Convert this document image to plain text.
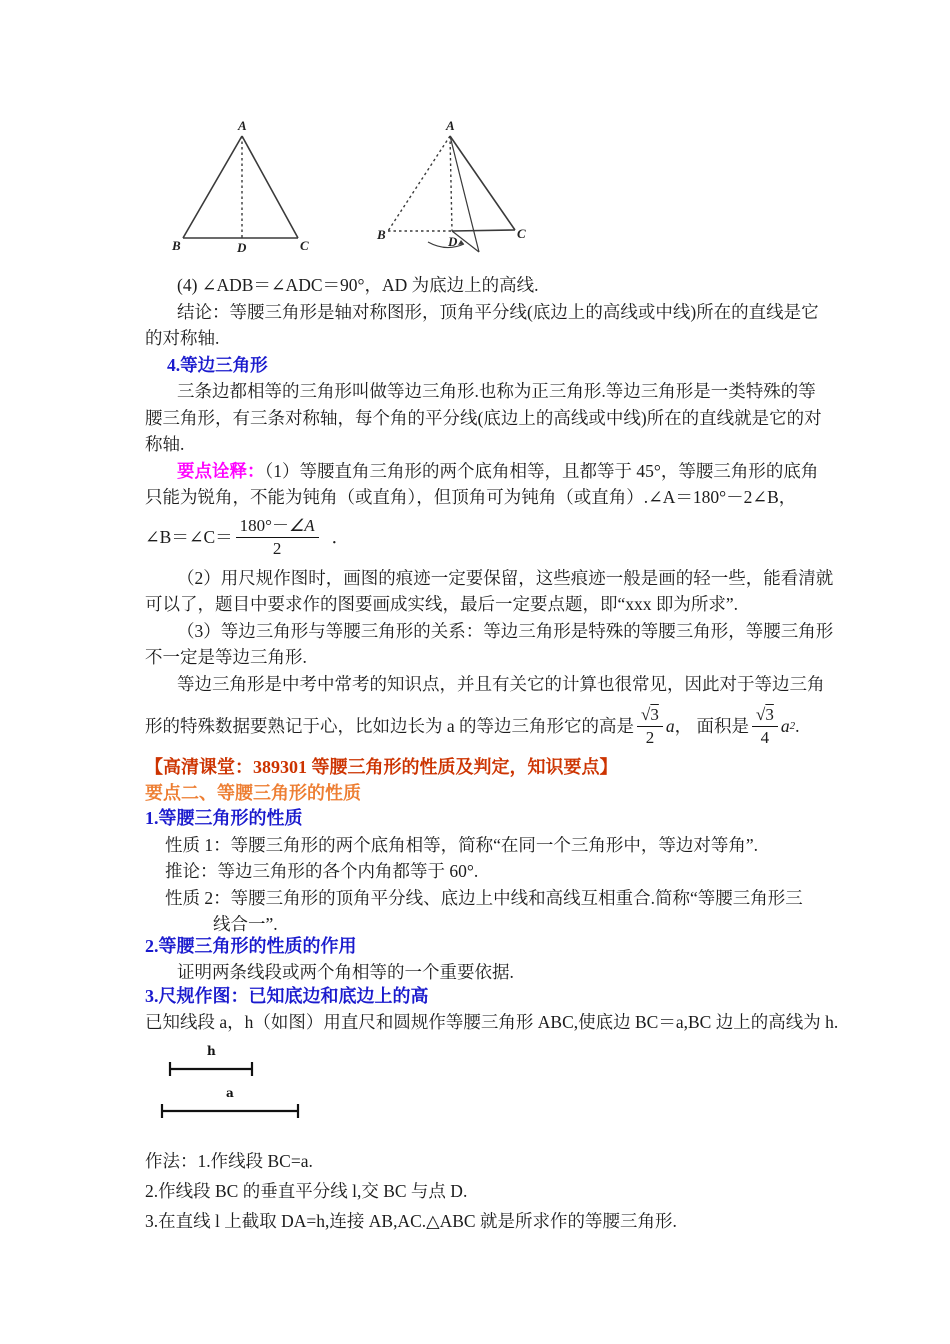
A
B	C
D
A
B	C
D
(4) ∠ADB＝∠ADC＝90°，AD 为底边上的高线.
结论：等腰三角形是轴对称图形，顶角平分线(底边上的高线或中线)所在的直线是它
的对称轴.
4.等边三角形
三条边都相等的三角形叫做等边三角形.也称为正三角形.等边三角形是一类特殊的等
腰三角形，有三条对称轴，每个角的平分线(底边上的高线或中线)所在的直线就是它的对
称轴.
要点诠释：（1）等腰直角三角形的两个底角相等，且都等于 45°，等腰三角形的底角
只能为锐角，不能为钝角（或直角），但顶角可为钝角（或直角）.∠A＝180°－2∠B，
∠B＝∠C＝ $\frac{180^\circ-\angle A}{2}$ ．
（2）用尺规作图时，画图的痕迹一定要保留，这些痕迹一般是画的轻一些，能看清就
可以了，题目中要求作的图要画成实线，最后一定要点题，即“xxx 即为所求”.
（3）等边三角形与等腰三角形的关系：等边三角形是特殊的等腰三角形，等腰三角形
不一定是等边三角形.
等边三角形是中考中常考的知识点，并且有关它的计算也很常见，因此对于等边三角
形的特殊数据要熟记于心，比如边长为 a 的等边三角形它的高是 $\frac{√3}{2}$ a ， 面积是 $\frac{√3}{4}$ a 2 .
【高清课堂：389301 等腰三角形的性质及判定，知识要点】
要点二、等腰三角形的性质
1.等腰三角形的性质
性质 1：等腰三角形的两个底角相等，简称“在同一个三角形中，等边对等角”.
推论：等边三角形的各个内角都等于 60°.
性质 2：等腰三角形的顶角平分线、底边上中线和高线互相重合.简称“等腰三角形三
线合一”.
2.等腰三角形的性质的作用
证明两条线段或两个角相等的一个重要依据.
3.尺规作图：已知底边和底边上的高
已知线段 a，h（如图）用直尺和圆规作等腰三角形 ABC,使底边 BC＝a,BC 边上的高线为 h.
h
a
作法：1.作线段 BC=a.
2.作线段 BC 的垂直平分线 l,交 BC 与点 D.
3.在直线 l 上截取 DA=h,连接 AB,AC.△ABC 就是所求作的等腰三角形.
